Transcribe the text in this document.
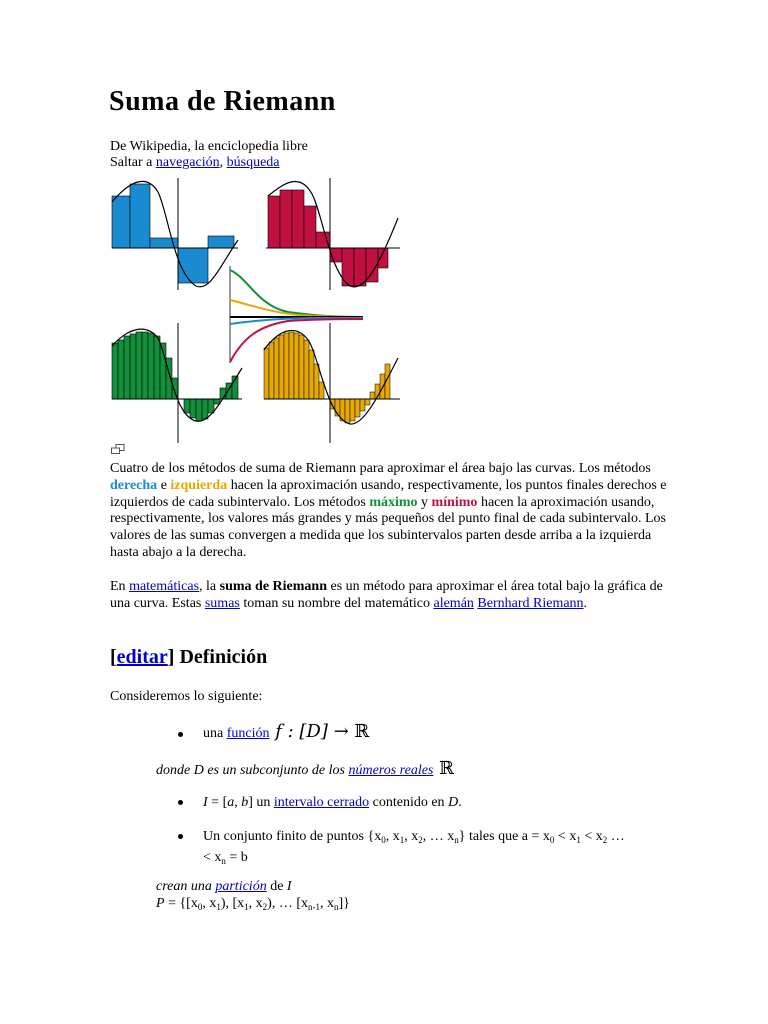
Suma de Riemann
De Wikipedia, la enciclopedia libre
Saltar a navegación, búsqueda
Cuatro de los métodos de suma de Riemann para aproximar el área bajo las curvas. Los métodos derecha e izquierda hacen la aproximación usando, respectivamente, los puntos finales derechos e izquierdos de cada subintervalo. Los métodos máximo y mínimo hacen la aproximación usando, respectivamente, los valores más grandes y más pequeños del punto final de cada subintervalo. Los valores de las sumas convergen a medida que los subintervalos parten desde arriba a la izquierda hasta abajo a la derecha.
En matemáticas, la suma de Riemann es un método para aproximar el área total bajo la gráfica de una curva. Estas sumas toman su nombre del matemático alemán Bernhard Riemann.
[editar] Definición
Consideremos lo siguiente:
una función f : [D] → ℝ
donde D es un subconjunto de los números reales ℝ
I = [a, b] un intervalo cerrado contenido en D.
Un conjunto finito de puntos {$x_0$, $x_1$, $x_2$, … $x_n$} tales que $a = x_0 < x_1 < x_2$ …
< $x_n = b$
crean una partición de I
$P = \{[x_0$, $x_1$), [$x_1$, $x_2$), … [$x_{n-1}$, $x_n$]}
